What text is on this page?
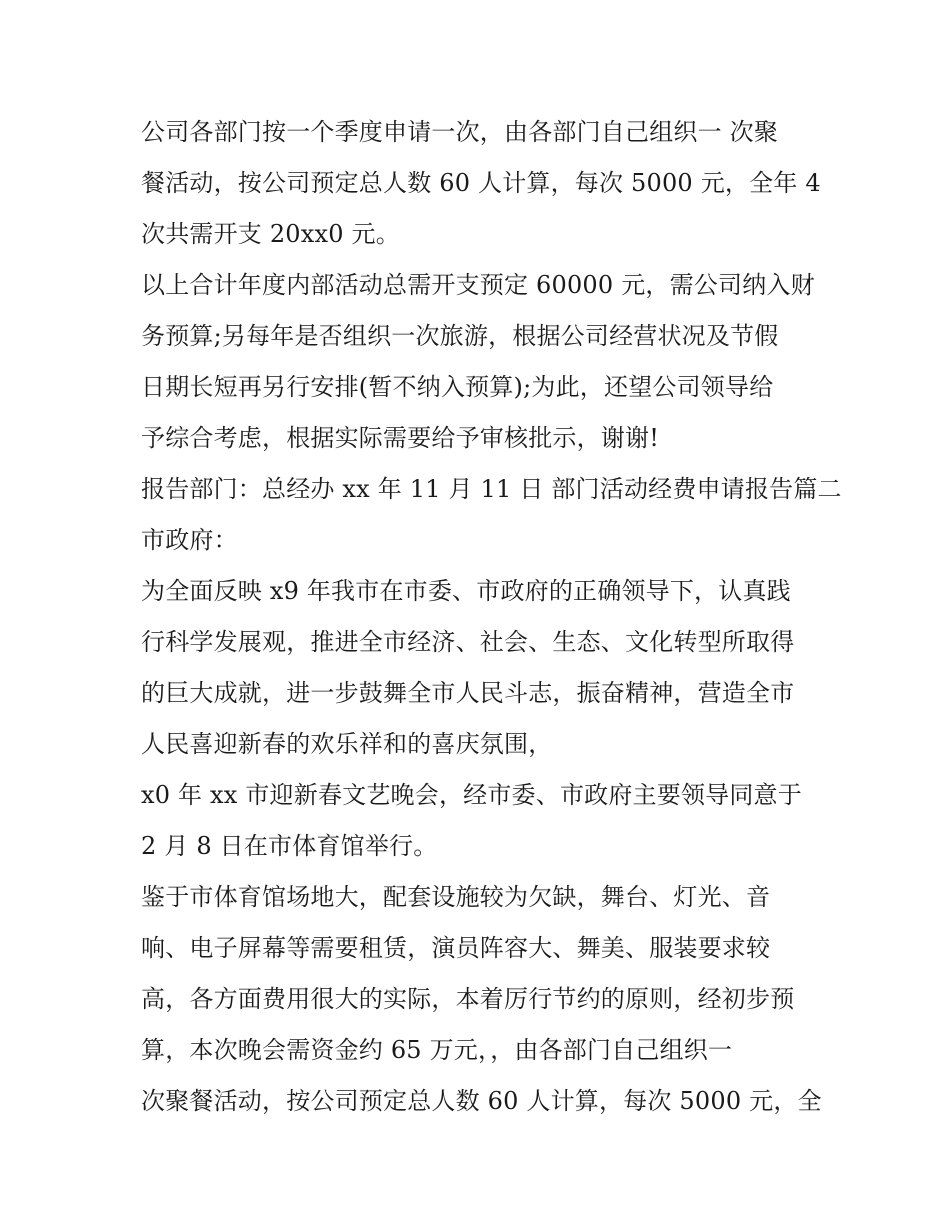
公司各部门按一个季度申请一次，由各部门自己组织一 次聚
餐活动，按公司预定总人数 60 人计算，每次 5000 元，全年 4
次共需开支 20xx0 元。
以上合计年度内部活动总需开支预定 60000 元，需公司纳入财
务预算;另每年是否组织一次旅游，根据公司经营状况及节假
日期长短再另行安排(暂不纳入预算);为此，还望公司领导给
予综合考虑，根据实际需要给予审核批示，谢谢!
报告部门：总经办 xx 年 11 月 11 日 部门活动经费申请报告篇二
市政府：
为全面反映 x9 年我市在市委、市政府的正确领导下，认真践
行科学发展观，推进全市经济、社会、生态、文化转型所取得
的巨大成就，进一步鼓舞全市人民斗志，振奋精神，营造全市
人民喜迎新春的欢乐祥和的喜庆氛围，
x0 年 xx 市迎新春文艺晚会，经市委、市政府主要领导同意于
2 月 8 日在市体育馆举行。
鉴于市体育馆场地大，配套设施较为欠缺，舞台、灯光、音
响、电子屏幕等需要租赁，演员阵容大、舞美、服装要求较
高，各方面费用很大的实际，本着厉行节约的原则，经初步预
算，本次晚会需资金约 65 万元，，由各部门自己组织一
次聚餐活动，按公司预定总人数 60 人计算，每次 5000 元，全
